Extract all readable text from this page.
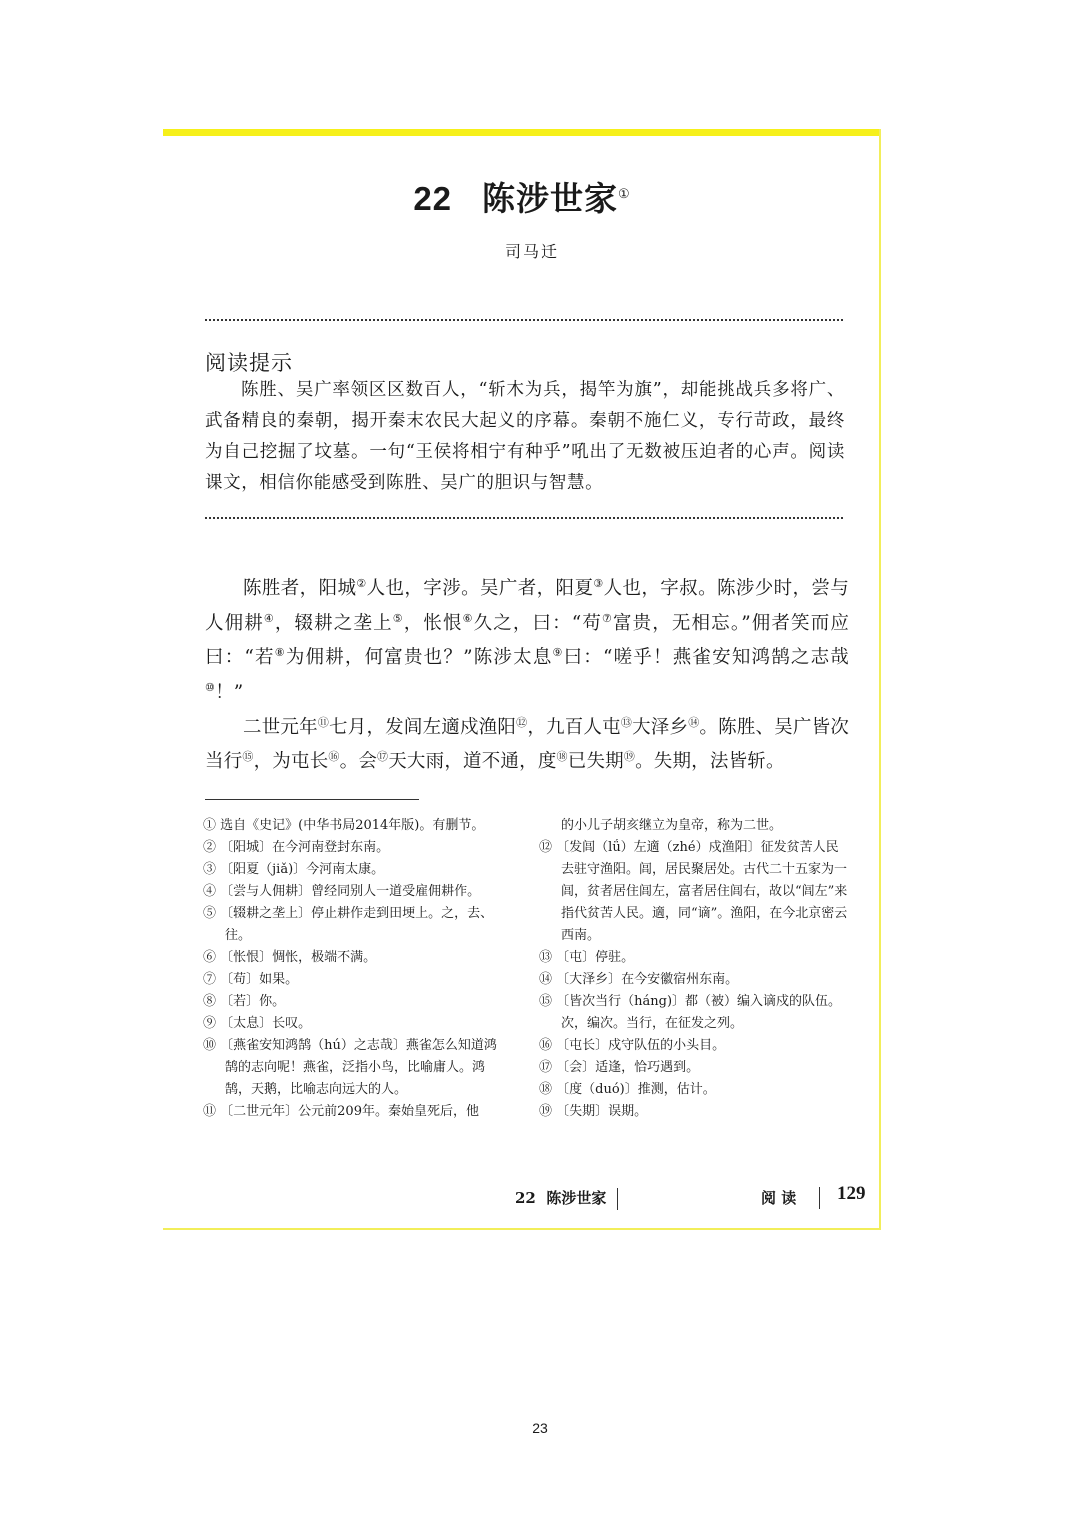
22 陈涉世家①
司马迁
阅读提示
陈胜、吴广率领区区数百人，“斩木为兵，揭竿为旗”，却能挑战兵多将广、武备精良的秦朝，揭开秦末农民大起义的序幕。秦朝不施仁义，专行苛政，最终为自己挖掘了坟墓。一句“王侯将相宁有种乎”吼出了无数被压迫者的心声。阅读课文，相信你能感受到陈胜、吴广的胆识与智慧。

陈胜者，阳城②人也，字涉。吴广者，阳夏③人也，字叔。陈涉少时，尝与人佣耕④，辍耕之垄上⑤，怅恨⑥久之，曰：“苟⑦富贵，无相忘。”佣者笑而应曰：“若⑧为佣耕，何富贵也？”陈涉太息⑨曰：“嗟乎！燕雀安知鸿鹄之志哉⑩！”

二世元年⑪七月，发闾左適戍渔阳⑫，九百人屯⑬大泽乡⑭。陈胜、吴广皆次当行⑮，为屯长⑯。会⑰天大雨，道不通，度⑱已失期⑲。失期，法皆斩。

① 选自《史记》(中华书局2014年版)。有删节。

② 〔阳城〕在今河南登封东南。

③ 〔阳夏（jiǎ)〕今河南太康。

④ 〔尝与人佣耕〕曾经同别人一道受雇佣耕作。

⑤ 〔辍耕之垄上〕停止耕作走到田埂上。之，去、往。

⑥ 〔怅恨〕惆怅，极端不满。

⑦ 〔苟〕如果。

⑧ 〔若〕你。

⑨ 〔太息〕长叹。

⑩ 〔燕雀安知鸿鹄（hú）之志哉〕燕雀怎么知道鸿鹄的志向呢！燕雀，泛指小鸟，比喻庸人。鸿鹄，天鹅，比喻志向远大的人。

⑪ 〔二世元年〕公元前209年。秦始皇死后，他

的小儿子胡亥继立为皇帝，称为二世。

⑫ 〔发闾（lǘ）左適（zhé）戍渔阳〕征发贫苦人民去驻守渔阳。闾，居民聚居处。古代二十五家为一闾，贫者居住闾左，富者居住闾右，故以“闾左”来指代贫苦人民。適，同“谪”。渔阳，在今北京密云西南。

⑬ 〔屯〕停驻。

⑭ 〔大泽乡〕在今安徽宿州东南。

⑮ 〔皆次当行（háng)〕都（被）编入谪戍的队伍。次，编次。当行，在征发之列。

⑯ 〔屯长〕戍守队伍的小头目。

⑰ 〔会〕适逢，恰巧遇到。

⑱ 〔度（duó)〕推测，估计。

⑲ 〔失期〕误期。

22  陈涉世家	阅 读 129
23
